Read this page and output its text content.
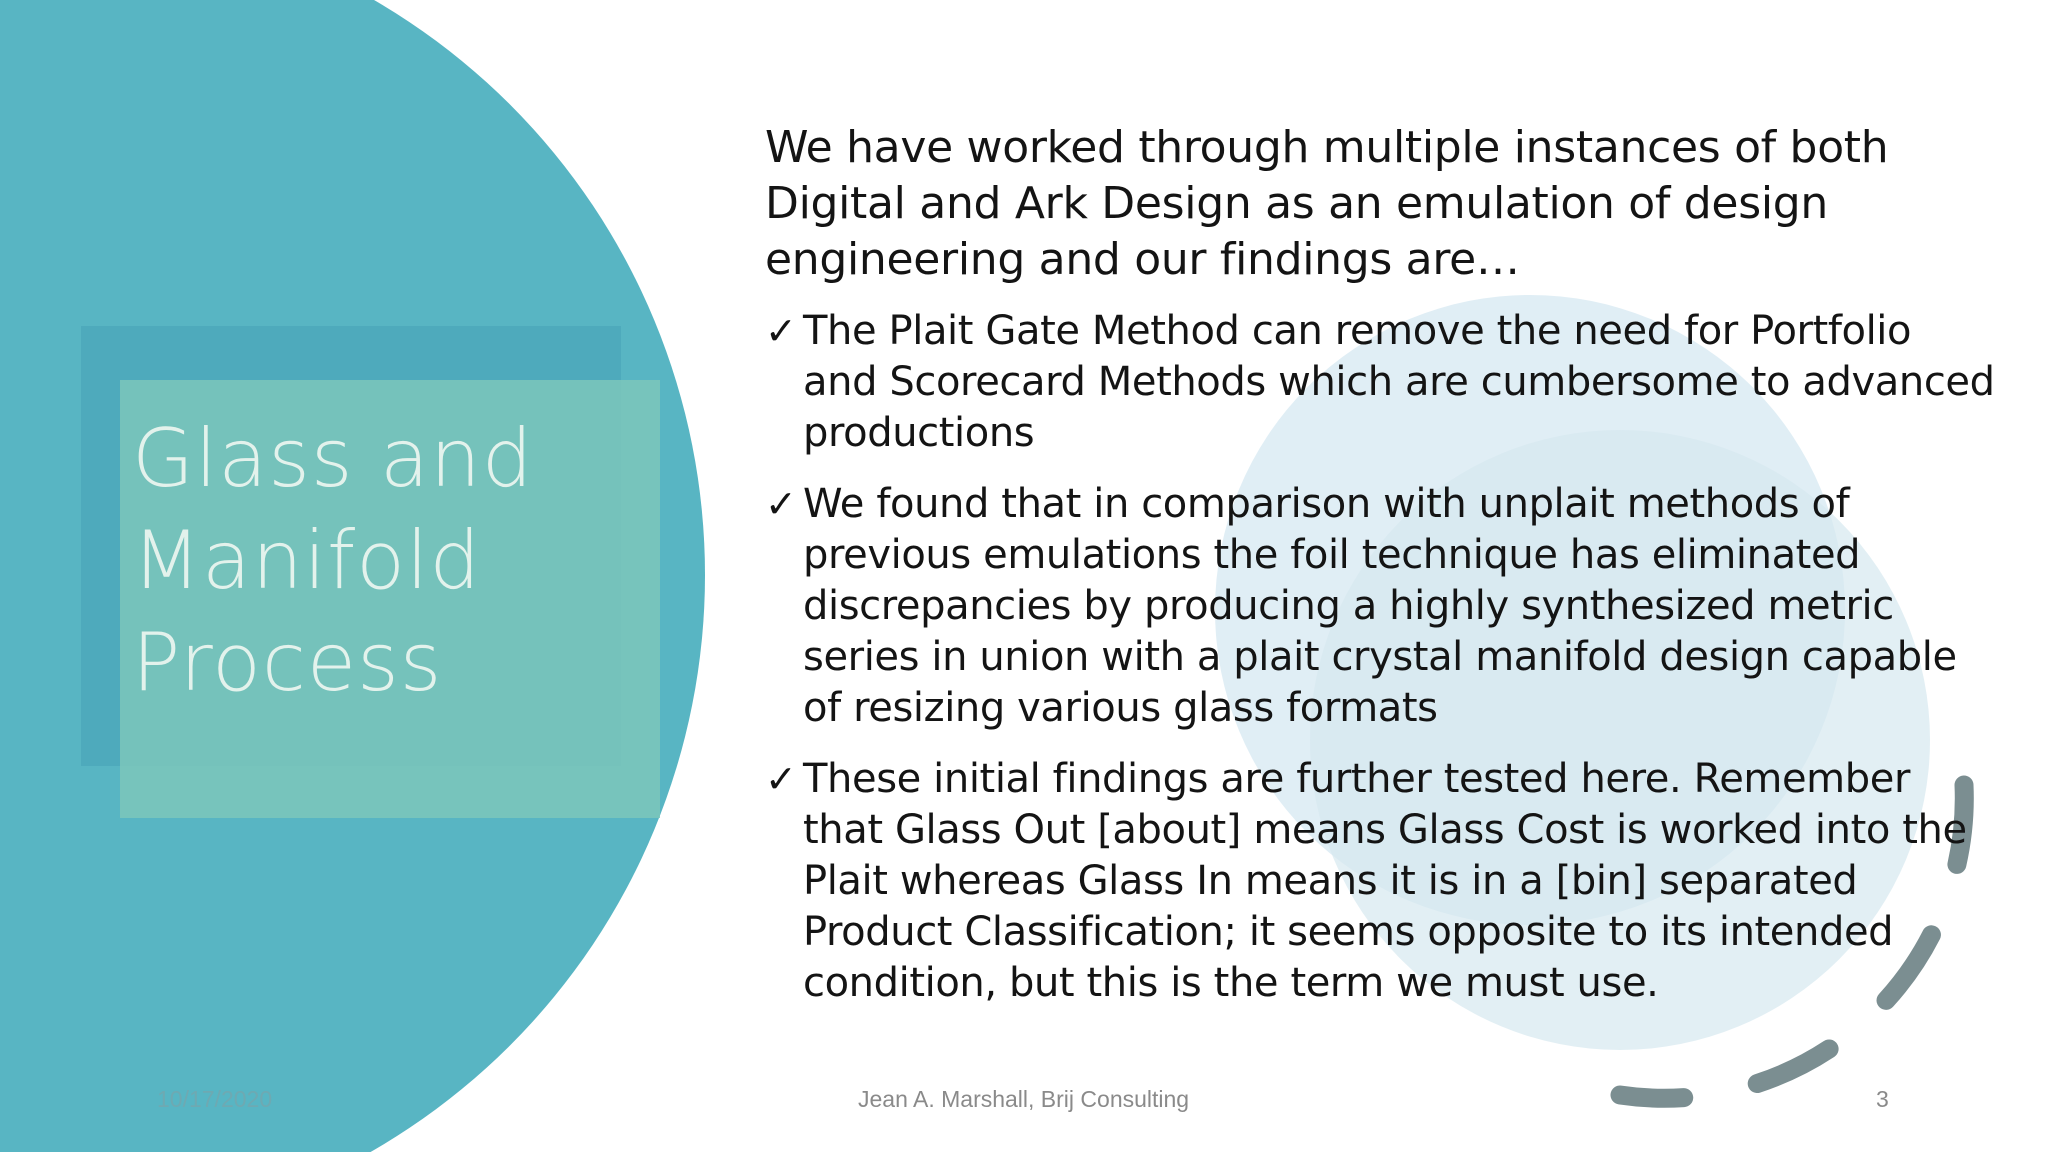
Glass and
Manifold
Process

We have worked through multiple instances of both Digital and Ark Design as an emulation of design engineering and our findings are…

✓ The Plait Gate Method can remove the need for Portfolio and Scorecard Methods which are cumbersome to advanced productions
✓ We found that in comparison with unplait methods of previous emulations the foil technique has eliminated discrepancies by producing a highly synthesized metric series in union with a plait crystal manifold design capable of resizing various glass formats
✓ These initial findings are further tested here. Remember that Glass Out [about] means Glass Cost is worked into the Plait whereas Glass In means it is in a [bin] separated Product Classification; it seems opposite to its intended condition, but this is the term we must use.
10/17/2020	Jean A. Marshall, Brij Consulting	3
